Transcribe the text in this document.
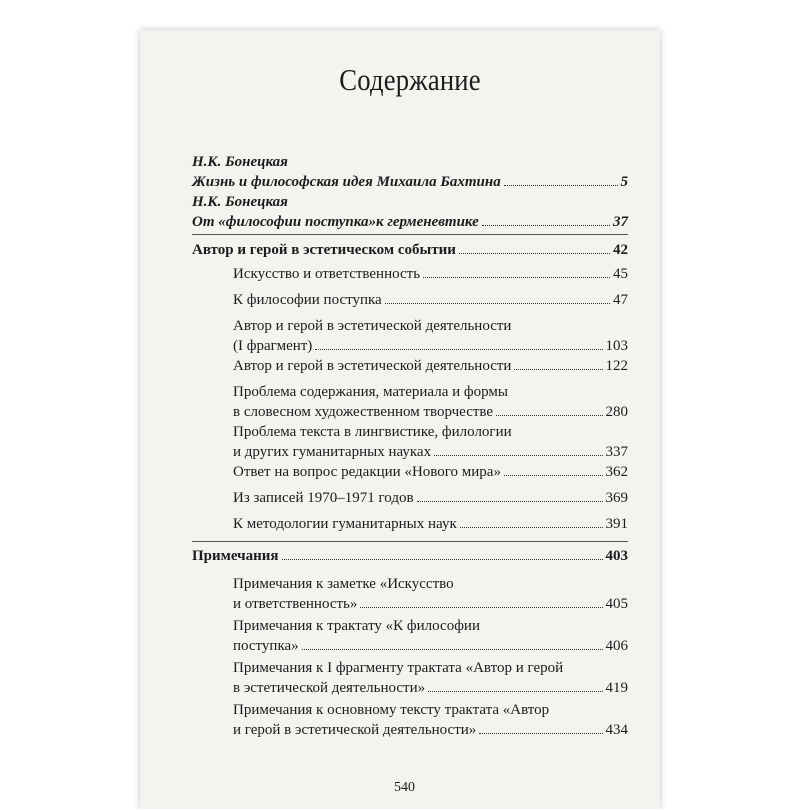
Содержание
Н.К. Бонецкая
Жизнь и философская идея Михаила Бахтина	5
Н.К. Бонецкая
От «философии поступка»к герменевтике	37
Автор и герой в эстетическом событии	42
Искусство и ответственность	45
К философии поступка	47
Автор и герой в эстетической деятельности
(I фрагмент)	103
Автор и герой в эстетической деятельности	122
Проблема содержания, материала и формы
в словесном художественном творчестве	280
Проблема текста в лингвистике, филологии
и других гуманитарных науках	337
Ответ на вопрос редакции «Нового мира»	362
Из записей 1970–1971 годов	369
К методологии гуманитарных наук	391
Примечания	403
Примечания к заметке «Искусство
и ответственность»	405
Примечания к трактату «К философии
поступка»	406
Примечания к I фрагменту трактата «Автор и герой
в эстетической деятельности»	419
Примечания к основному тексту трактата «Автор
и герой в эстетической деятельности»	434
540
